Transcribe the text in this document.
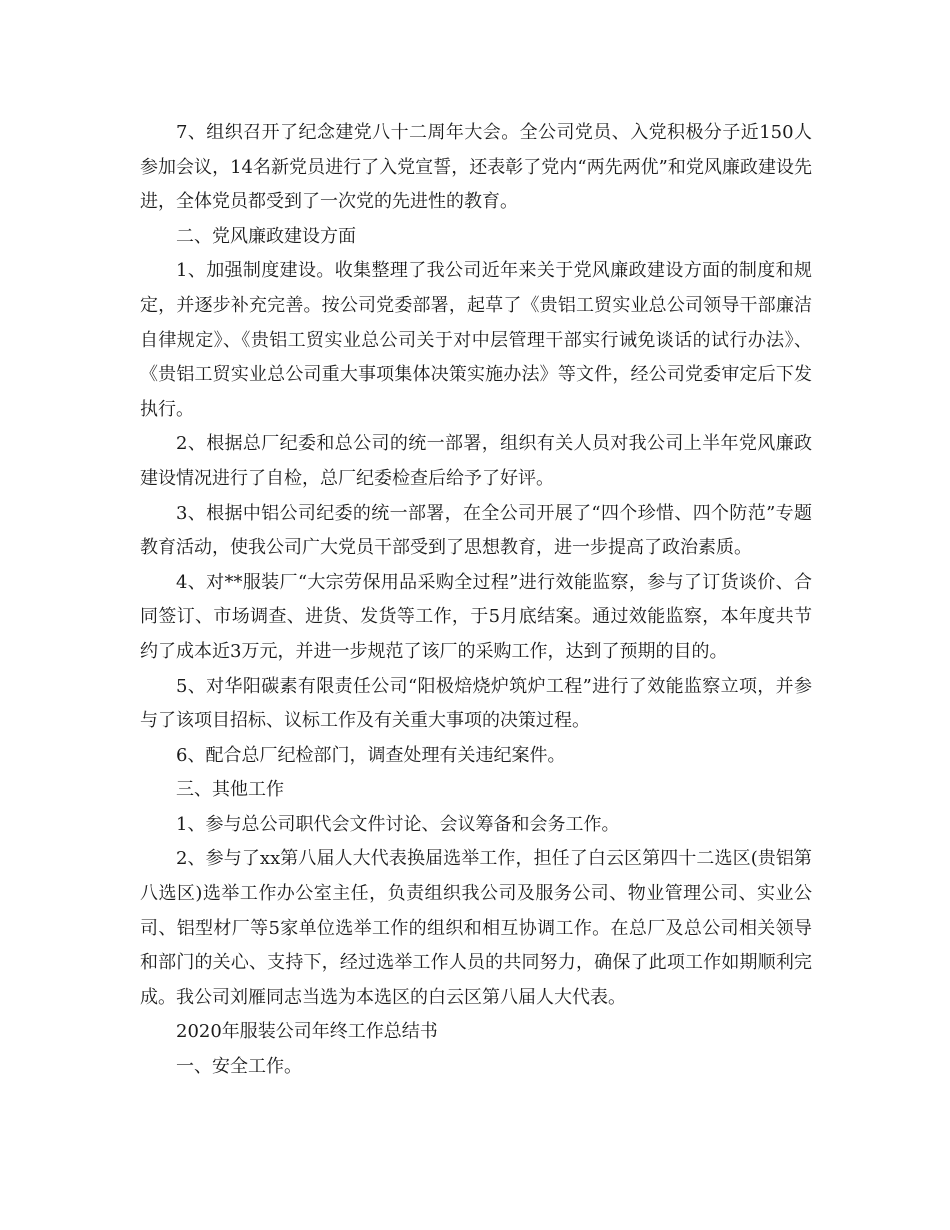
7、组织召开了纪念建党八十二周年大会。全公司党员、入党积极分子近150人参加会议，14名新党员进行了入党宣誓，还表彰了党内“两先两优”和党风廉政建设先进，全体党员都受到了一次党的先进性的教育。

二、党风廉政建设方面

1、加强制度建设。收集整理了我公司近年来关于党风廉政建设方面的制度和规定，并逐步补充完善。按公司党委部署，起草了《贵铝工贸实业总公司领导干部廉洁自律规定》、《贵铝工贸实业总公司关于对中层管理干部实行诫免谈话的试行办法》、《贵铝工贸实业总公司重大事项集体决策实施办法》等文件，经公司党委审定后下发执行。

2、根据总厂纪委和总公司的统一部署，组织有关人员对我公司上半年党风廉政建设情况进行了自检，总厂纪委检查后给予了好评。

3、根据中铝公司纪委的统一部署，在全公司开展了“四个珍惜、四个防范”专题教育活动，使我公司广大党员干部受到了思想教育，进一步提高了政治素质。

4、对**服装厂“大宗劳保用品采购全过程”进行效能监察，参与了订货谈价、合同签订、市场调查、进货、发货等工作，于5月底结案。通过效能监察，本年度共节约了成本近3万元，并进一步规范了该厂的采购工作，达到了预期的目的。

5、对华阳碳素有限责任公司“阳极焙烧炉筑炉工程”进行了效能监察立项，并参与了该项目招标、议标工作及有关重大事项的决策过程。

6、配合总厂纪检部门，调查处理有关违纪案件。

三、其他工作

1、参与总公司职代会文件讨论、会议筹备和会务工作。

2、参与了xx第八届人大代表换届选举工作，担任了白云区第四十二选区(贵铝第八选区)选举工作办公室主任，负责组织我公司及服务公司、物业管理公司、实业公司、铝型材厂等5家单位选举工作的组织和相互协调工作。在总厂及总公司相关领导和部门的关心、支持下，经过选举工作人员的共同努力，确保了此项工作如期顺利完成。我公司刘雁同志当选为本选区的白云区第八届人大代表。

2020年服装公司年终工作总结书

一、安全工作。
